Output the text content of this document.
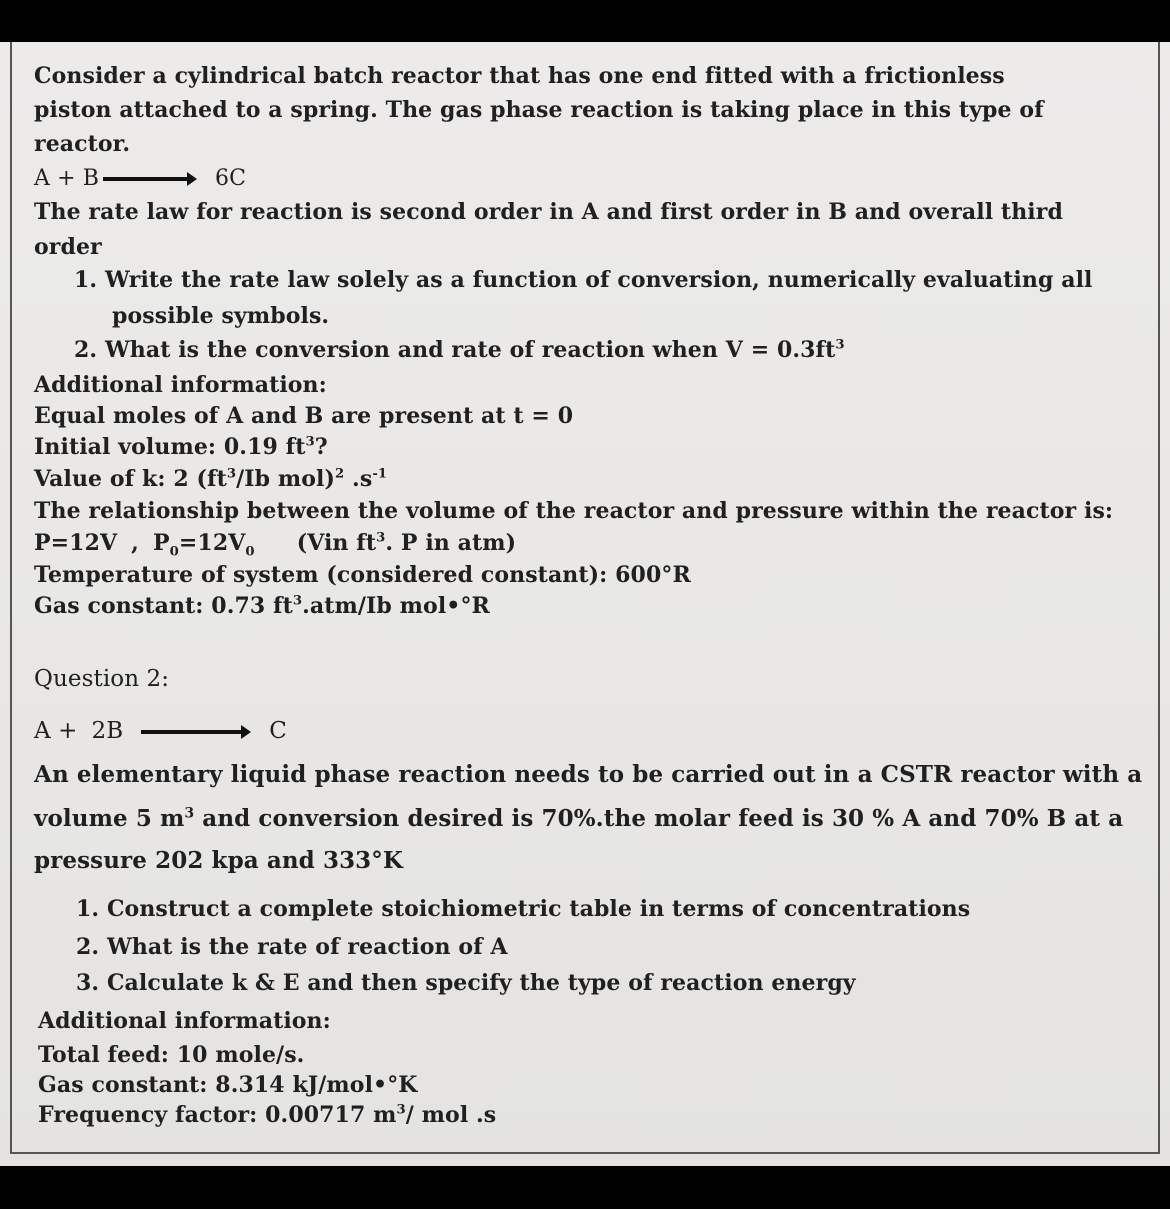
Consider a cylindrical batch reactor that has one end fitted with a frictionless

piston attached to a spring. The gas phase reaction is taking place in this type of

reactor.

A + B → 6C

The rate law for reaction is second order in A and first order in B and overall third

order

1. Write the rate law solely as a function of conversion, numerically evaluating all

possible symbols.

2. What is the conversion and rate of reaction when $V = 0.3ft^3$

Additional information:

Equal moles of A and B are present at t = 0

Initial volume: 0.19 $ft^3$?

Value of k: 2 ($ft^3/Ib$ mol)$^2$ $.s^{-1}$

The relationship between the volume of the reactor and pressure within the reactor is:

P=12V , $P_0=12V_0$ (Vin $ft^3$. P in atm)

Temperature of system (considered constant): 600°R

Gas constant: 0.73 $ft^3.atm/Ib$ mol•°R

Question 2:

A + 2B	C

An elementary liquid phase reaction needs to be carried out in a CSTR reactor with a

volume 5 $m^3$ and conversion desired is 70%.the molar feed is 30 % A and 70% B at a

pressure 202 kpa and 333°K

1. Construct a complete stoichiometric table in terms of concentrations

2. What is the rate of reaction of A

3. Calculate k & E and then specify the type of reaction energy

Additional information:

Total feed: 10 mole/s.

Gas constant: 8.314 kJ/mol•°K

Frequency factor: 0.00717 $m^3/$ mol .s
